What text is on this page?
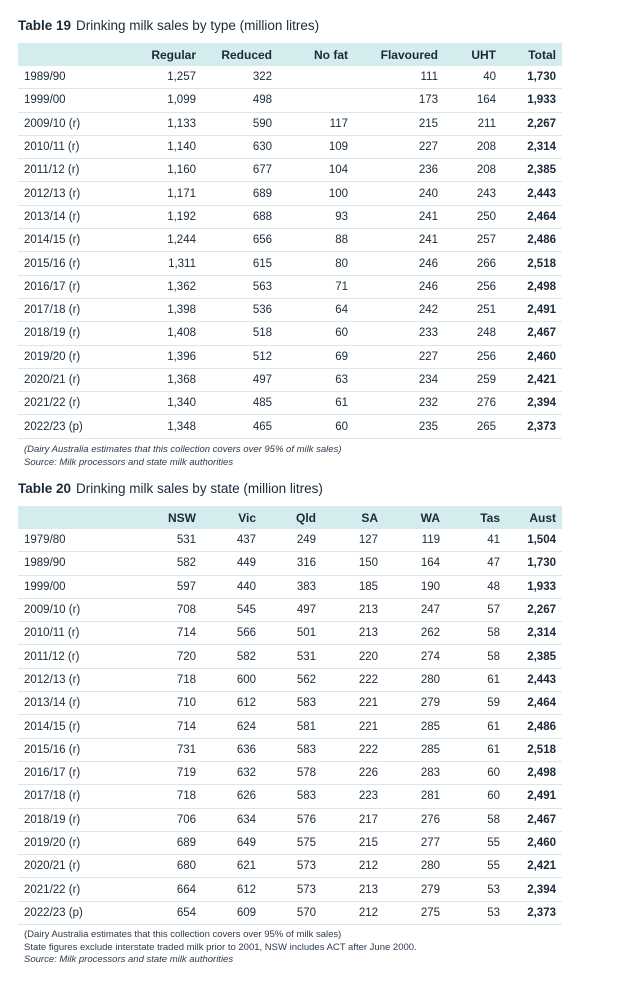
Table 19 Drinking milk sales by type (million litres)
	Regular	Reduced	No fat	Flavoured	UHT	Total
1989/90	1,257	322		111	40	1,730
1999/00	1,099	498		173	164	1,933
2009/10 (r)	1,133	590	117	215	211	2,267
2010/11 (r)	1,140	630	109	227	208	2,314
2011/12 (r)	1,160	677	104	236	208	2,385
2012/13 (r)	1,171	689	100	240	243	2,443
2013/14 (r)	1,192	688	93	241	250	2,464
2014/15 (r)	1,244	656	88	241	257	2,486
2015/16 (r)	1,311	615	80	246	266	2,518
2016/17 (r)	1,362	563	71	246	256	2,498
2017/18 (r)	1,398	536	64	242	251	2,491
2018/19 (r)	1,408	518	60	233	248	2,467
2019/20 (r)	1,396	512	69	227	256	2,460
2020/21 (r)	1,368	497	63	234	259	2,421
2021/22 (r)	1,340	485	61	232	276	2,394
2022/23 (p)	1,348	465	60	235	265	2,373
(Dairy Australia estimates that this collection covers over 95% of milk sales)
Source: Milk processors and state milk authorities
Table 20 Drinking milk sales by state (million litres)
	NSW	Vic	Qld	SA	WA	Tas	Aust
1979/80	531	437	249	127	119	41	1,504
1989/90	582	449	316	150	164	47	1,730
1999/00	597	440	383	185	190	48	1,933
2009/10 (r)	708	545	497	213	247	57	2,267
2010/11 (r)	714	566	501	213	262	58	2,314
2011/12 (r)	720	582	531	220	274	58	2,385
2012/13 (r)	718	600	562	222	280	61	2,443
2013/14 (r)	710	612	583	221	279	59	2,464
2014/15 (r)	714	624	581	221	285	61	2,486
2015/16 (r)	731	636	583	222	285	61	2,518
2016/17 (r)	719	632	578	226	283	60	2,498
2017/18 (r)	718	626	583	223	281	60	2,491
2018/19 (r)	706	634	576	217	276	58	2,467
2019/20 (r)	689	649	575	215	277	55	2,460
2020/21 (r)	680	621	573	212	280	55	2,421
2021/22 (r)	664	612	573	213	279	53	2,394
2022/23 (p)	654	609	570	212	275	53	2,373
(Dairy Australia estimates that this collection covers over 95% of milk sales)
State figures exclude interstate traded milk prior to 2001, NSW includes ACT after June 2000.
Source: Milk processors and state milk authorities
